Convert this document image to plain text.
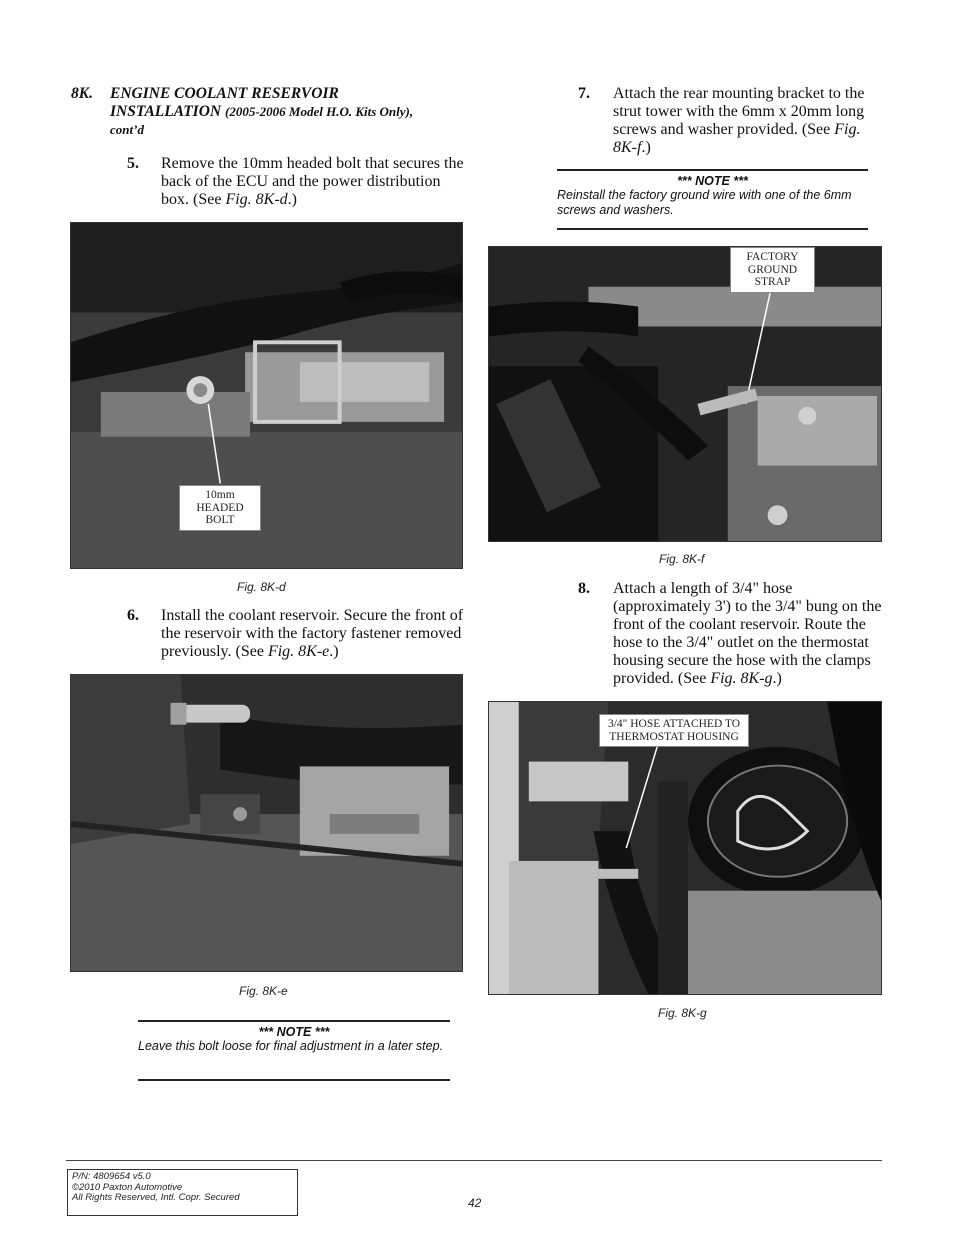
8K. ENGINE COOLANT RESERVOIR
INSTALLATION (2005-2006 Model H.O. Kits Only),
cont’d
5. Remove the 10mm headed bolt that secures the back of the ECU and the power distribution box. (See Fig. 8K-d.)
10mm
HEADED
BOLT
Fig. 8K-d
6. Install the coolant reservoir. Secure the front of the reservoir with the factory fastener removed previously. (See Fig. 8K-e.)
Fig. 8K-e
*** NOTE ***
Leave this bolt loose for final adjustment in a later step.
7. Attach the rear mounting bracket to the strut tower with the 6mm x 20mm long screws and washer provided. (See Fig. 8K-f.)
*** NOTE ***
Reinstall the factory ground wire with one of the 6mm screws and washers.
FACTORY
GROUND
STRAP
Fig. 8K-f
8. Attach a length of 3/4" hose (approximately 3') to the 3/4" bung on the front of the coolant reservoir. Route the hose to the 3/4" outlet on the thermostat housing secure the hose with the clamps provided. (See Fig. 8K-g.)
3/4" HOSE ATTACHED TO
THERMOSTAT HOUSING
Fig. 8K-g
P/N: 4809654 v5.0
©2010 Paxton Automotive
All Rights Reserved, Intl. Copr. Secured	42
